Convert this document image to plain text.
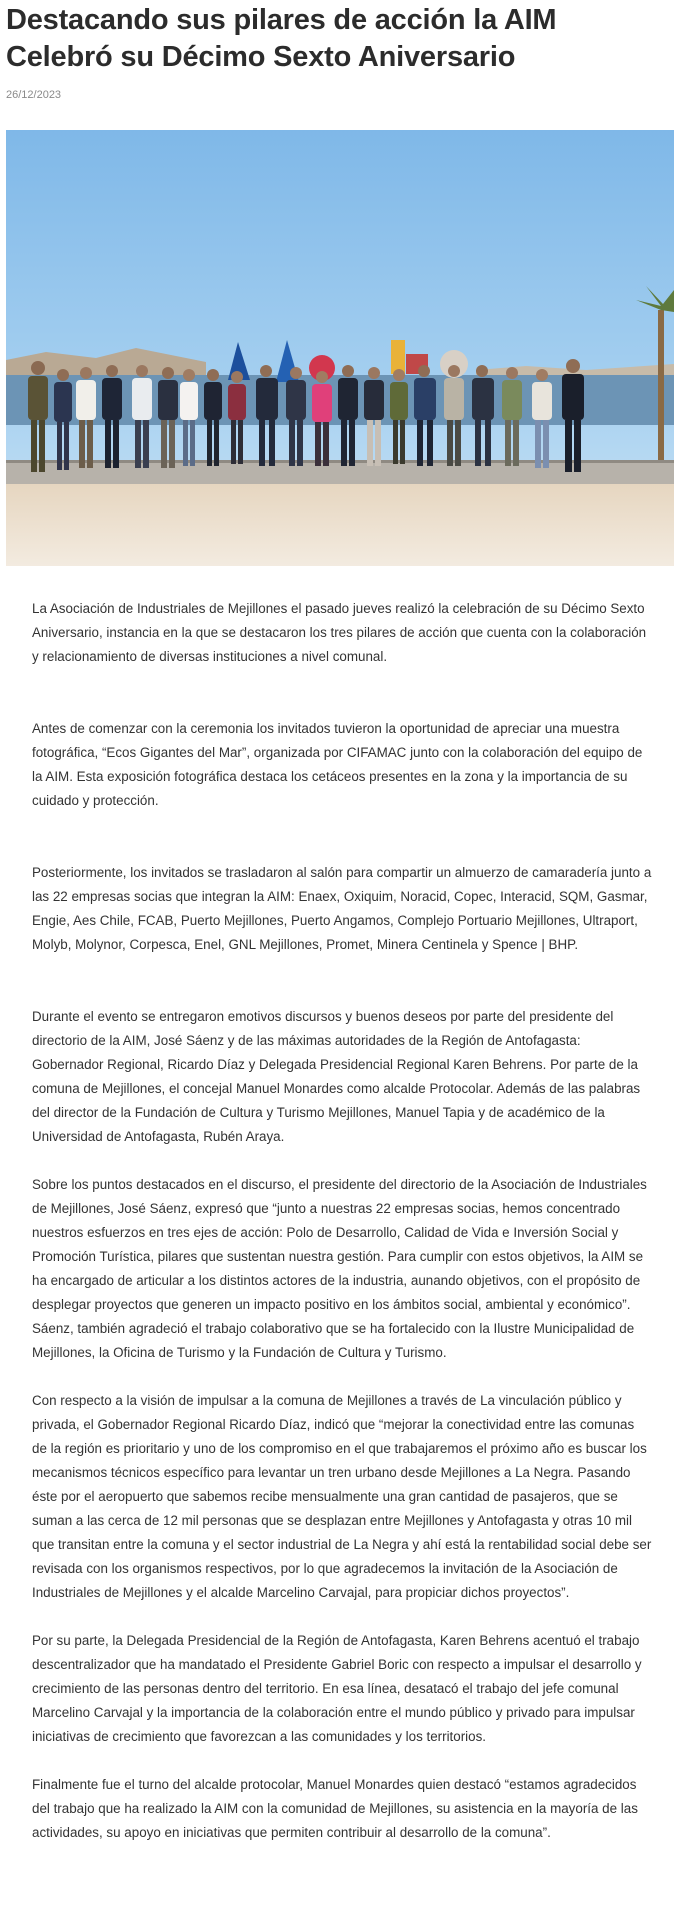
Destacando sus pilares de acción la AIM
Celebró su Décimo Sexto Aniversario
26/12/2023

La Asociación de Industriales de Mejillones el pasado jueves realizó la celebración de su Décimo Sexto Aniversario, instancia en la que se destacaron los tres pilares de acción que cuenta con la colaboración y relacionamiento de diversas instituciones a nivel comunal.

Antes de comenzar con la ceremonia los invitados tuvieron la oportunidad de apreciar una muestra fotográfica, “Ecos Gigantes del Mar”, organizada por CIFAMAC junto con la colaboración del equipo de la AIM. Esta exposición fotográfica destaca los cetáceos presentes en la zona y la importancia de su cuidado y protección.

Posteriormente, los invitados se trasladaron al salón para compartir un almuerzo de camaradería junto a las 22 empresas socias que integran la AIM: Enaex, Oxiquim, Noracid, Copec, Interacid, SQM, Gasmar, Engie, Aes Chile, FCAB, Puerto Mejillones, Puerto Angamos, Complejo Portuario Mejillones, Ultraport, Molyb, Molynor, Corpesca, Enel, GNL Mejillones, Promet, Minera Centinela y Spence | BHP.

Durante el evento se entregaron emotivos discursos y buenos deseos por parte del presidente del directorio de la AIM, José Sáenz y de las máximas autoridades de la Región de Antofagasta: Gobernador Regional, Ricardo Díaz y Delegada Presidencial Regional Karen Behrens. Por parte de la comuna de Mejillones, el concejal Manuel Monardes como alcalde Protocolar. Además de las palabras del director de la Fundación de Cultura y Turismo Mejillones, Manuel Tapia y de académico de la Universidad de Antofagasta, Rubén Araya.

Sobre los puntos destacados en el discurso, el presidente del directorio de la Asociación de Industriales de Mejillones, José Sáenz, expresó que “junto a nuestras 22 empresas socias, hemos concentrado nuestros esfuerzos en tres ejes de acción: Polo de Desarrollo, Calidad de Vida e Inversión Social y Promoción Turística, pilares que sustentan nuestra gestión. Para cumplir con estos objetivos, la AIM se ha encargado de articular a los distintos actores de la industria, aunando objetivos, con el propósito de desplegar proyectos que generen un impacto positivo en los ámbitos social, ambiental y económico”.

Sáenz, también agradeció el trabajo colaborativo que se ha fortalecido con la Ilustre Municipalidad de Mejillones, la Oficina de Turismo y la Fundación de Cultura y Turismo.

Con respecto a la visión de impulsar a la comuna de Mejillones a través de La vinculación público y privada, el Gobernador Regional Ricardo Díaz, indicó que “mejorar la conectividad entre las comunas de la región es prioritario y uno de los compromiso en el que trabajaremos el próximo año es buscar los mecanismos técnicos específico para levantar un tren urbano desde Mejillones a La Negra. Pasando éste por el aeropuerto que sabemos recibe mensualmente una gran cantidad de pasajeros, que se suman a las cerca de 12 mil personas que se desplazan entre Mejillones y Antofagasta y otras 10 mil que transitan entre la comuna y el sector industrial de La Negra y ahí está la rentabilidad social debe ser revisada con los organismos respectivos, por lo que agradecemos la invitación de la Asociación de Industriales de Mejillones y el alcalde Marcelino Carvajal, para propiciar dichos proyectos”.

Por su parte, la Delegada Presidencial de la Región de Antofagasta, Karen Behrens acentuó el trabajo descentralizador que ha mandatado el Presidente Gabriel Boric con respecto a impulsar el desarrollo y crecimiento de las personas dentro del territorio. En esa línea, desatacó el trabajo del jefe comunal Marcelino Carvajal y la importancia de la colaboración entre el mundo público y privado para impulsar iniciativas de crecimiento que favorezcan a las comunidades y los territorios.

Finalmente fue el turno del alcalde protocolar, Manuel Monardes quien destacó “estamos agradecidos del trabajo que ha realizado la AIM con la comunidad de Mejillones, su asistencia en la mayoría de las actividades, su apoyo en iniciativas que permiten contribuir al desarrollo de la comuna”.
